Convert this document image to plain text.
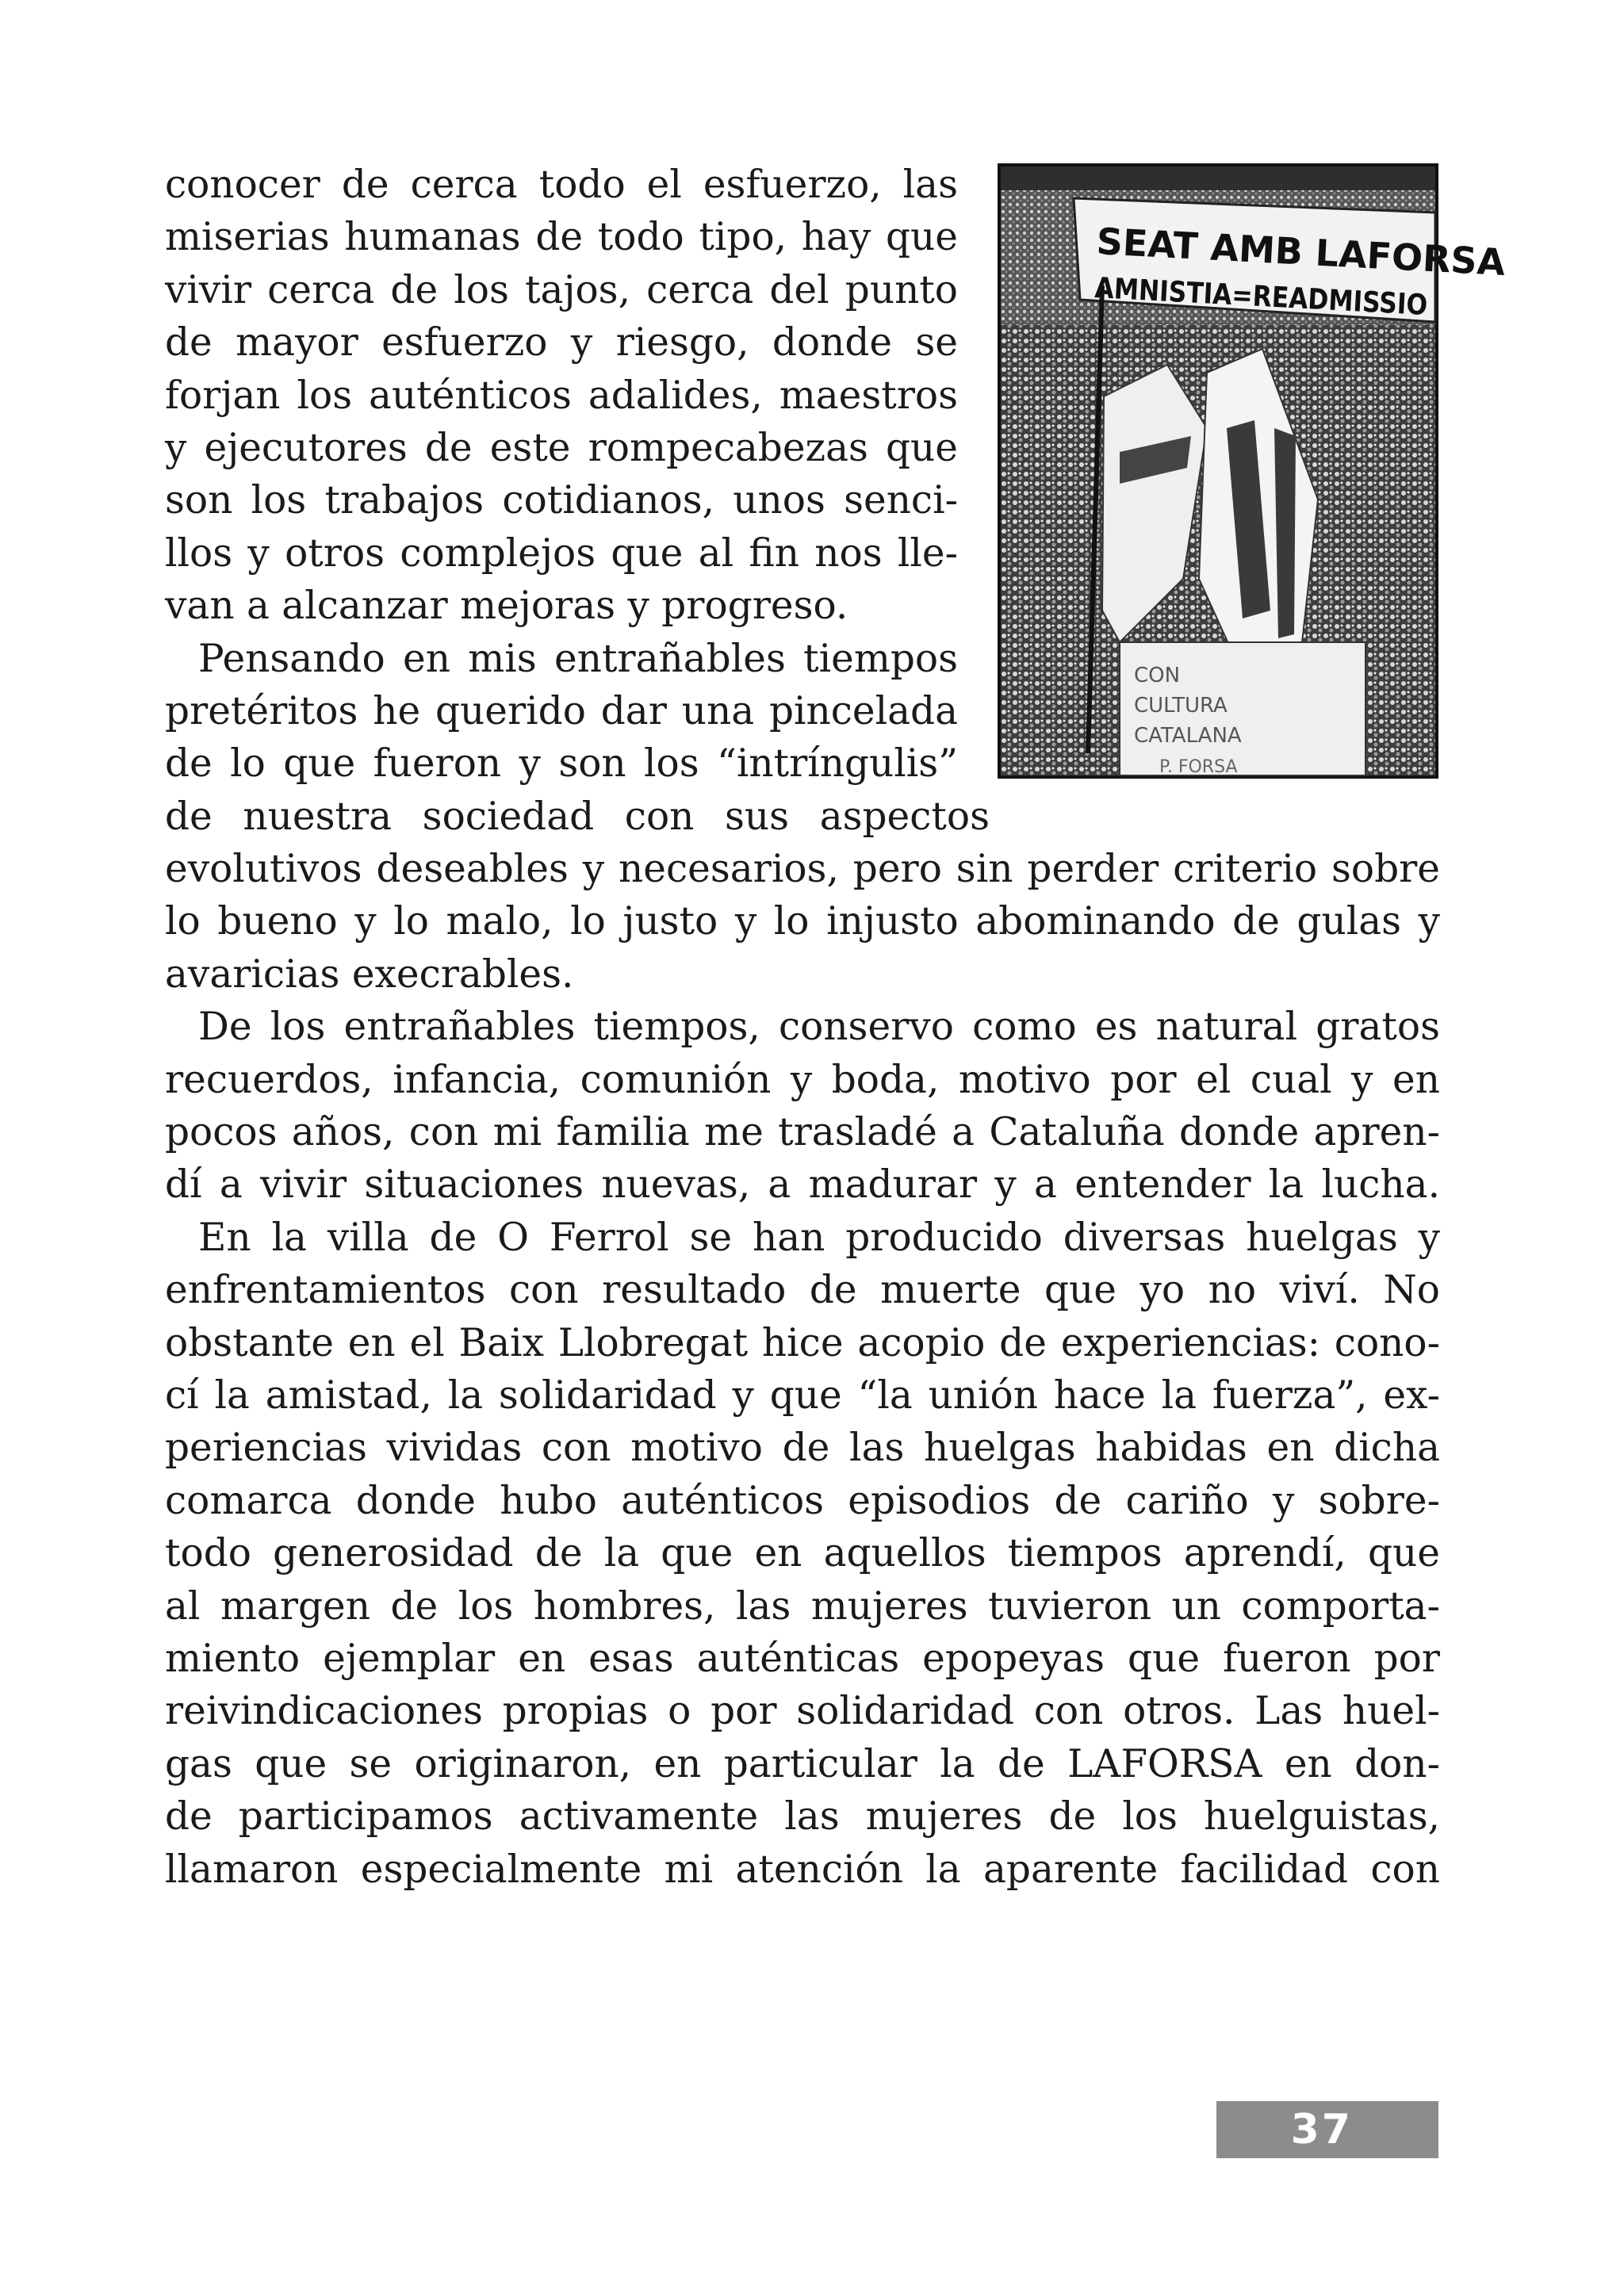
SEAT AMB LAFORSA
AMNISTIA=READMISSIO
CON
CULTURA
CATALANA
P. FORSA
conocer de cerca todo el esfuerzo, las
miserias humanas de todo tipo, hay que
vivir cerca de los tajos, cerca del punto
de mayor esfuerzo y riesgo, donde se
forjan los auténticos adalides, maestros
y ejecutores de este rompecabezas que
son los trabajos cotidianos, unos senci-
llos y otros complejos que al fin nos lle-
van a alcanzar mejoras y progreso.
Pensando en mis entrañables tiempos
pretéritos he querido dar una pincelada
de lo que fueron y son los “intríngulis”
de nuestra sociedad con sus aspectos
evolutivos deseables y necesarios, pero sin perder criterio sobre
lo bueno y lo malo, lo justo y lo injusto abominando de gulas y
avaricias execrables.
De los entrañables tiempos, conservo como es natural gratos
recuerdos, infancia, comunión y boda, motivo por el cual y en
pocos años, con mi familia me trasladé a Cataluña donde apren-
dí a vivir situaciones nuevas, a madurar y a entender la lucha.
En la villa de O Ferrol se han producido diversas huelgas y
enfrentamientos con resultado de muerte que yo no viví. No
obstante en el Baix Llobregat hice acopio de experiencias: cono-
cí la amistad, la solidaridad y que “la unión hace la fuerza”, ex-
periencias vividas con motivo de las huelgas habidas en dicha
comarca donde hubo auténticos episodios de cariño y sobre-
todo generosidad de la que en aquellos tiempos aprendí, que
al margen de los hombres, las mujeres tuvieron un comporta-
miento ejemplar en esas auténticas epopeyas que fueron por
reivindicaciones propias o por solidaridad con otros. Las huel-
gas que se originaron, en particular la de LAFORSA en don-
de participamos activamente las mujeres de los huelguistas,
llamaron especialmente mi atención la aparente facilidad con
37
